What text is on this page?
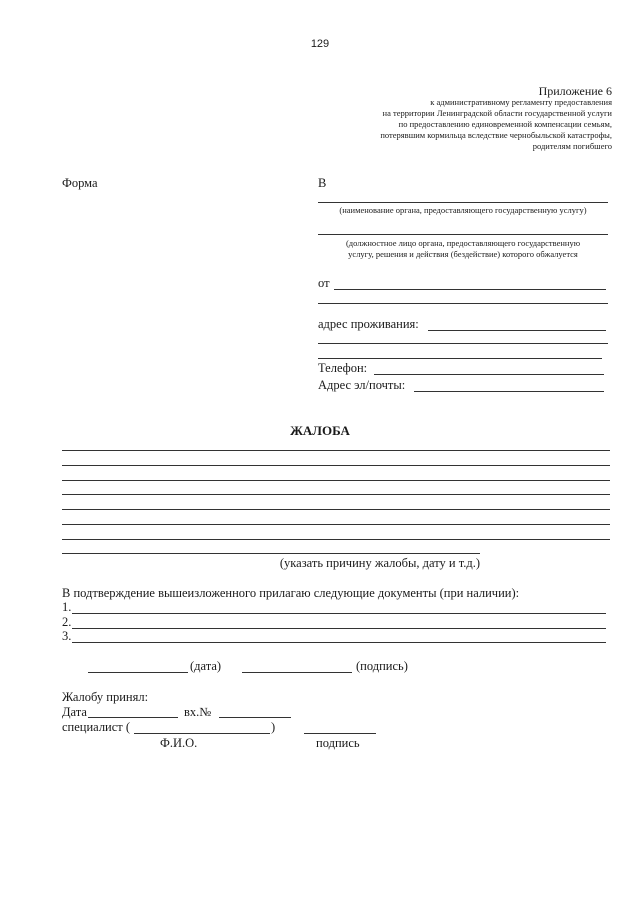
129
Приложение 6
к административному регламенту предоставления
на территории Ленинградской области государственной услуги
по предоставлению единовременной компенсации семьям,
потерявшим кормильца вследствие чернобыльской катастрофы,
родителям погибшего
Форма	В
(наименование органа, предоставляющего государственную услугу)
(должностное лицо органа, предоставляющего государственную
услугу, решения и действия (бездействие) которого обжалуется
от
адрес проживания:
Телефон:
Адрес эл/почты:
ЖАЛОБА
(указать причину жалобы, дату и т.д.)
В подтверждение вышеизложенного прилагаю следующие документы (при наличии):
1.
2.
3.
(дата)	(подпись)
Жалобу принял:
Дата	вх.№
специалист (	)
Ф.И.О.	подпись
